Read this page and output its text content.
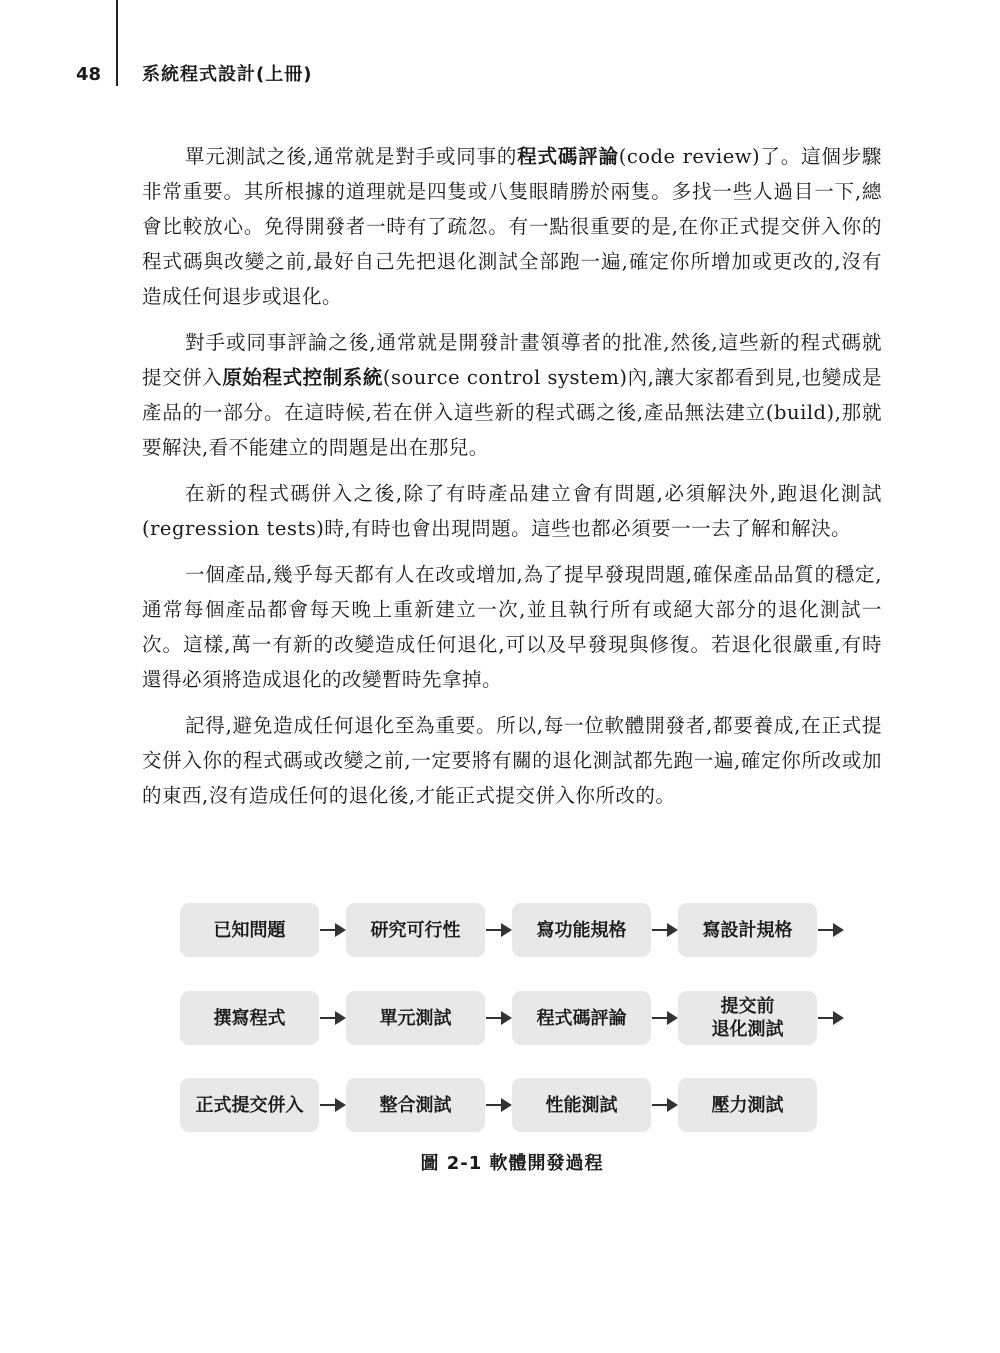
48 系統程式設計(上冊)

單元測試之後,通常就是對手或同事的程式碼評論(code review)了。這個步驟非常重要。其所根據的道理就是四隻或八隻眼睛勝於兩隻。多找一些人過目一下,總會比較放心。免得開發者一時有了疏忽。有一點很重要的是,在你正式提交併入你的程式碼與改變之前,最好自己先把退化測試全部跑一遍,確定你所增加或更改的,沒有造成任何退步或退化。

對手或同事評論之後,通常就是開發計畫領導者的批准,然後,這些新的程式碼就提交併入原始程式控制系統(source control system)內,讓大家都看到見,也變成是產品的一部分。在這時候,若在併入這些新的程式碼之後,產品無法建立(build),那就要解決,看不能建立的問題是出在那兒。

在新的程式碼併入之後,除了有時產品建立會有問題,必須解決外,跑退化測試(regression tests)時,有時也會出現問題。這些也都必須要一一去了解和解決。

一個產品,幾乎每天都有人在改或增加,為了提早發現問題,確保產品品質的穩定,通常每個產品都會每天晚上重新建立一次,並且執行所有或絕大部分的退化測試一次。這樣,萬一有新的改變造成任何退化,可以及早發現與修復。若退化很嚴重,有時還得必須將造成退化的改變暫時先拿掉。

記得,避免造成任何退化至為重要。所以,每一位軟體開發者,都要養成,在正式提交併入你的程式碼或改變之前,一定要將有關的退化測試都先跑一遍,確定你所改或加的東西,沒有造成任何的退化後,才能正式提交併入你所改的。

已知問題	研究可行性	寫功能規格	寫設計規格
撰寫程式	單元測試	程式碼評論
提交前
退化測試
正式提交併入	整合測試	性能測試	壓力測試
圖 2-1 軟體開發過程
